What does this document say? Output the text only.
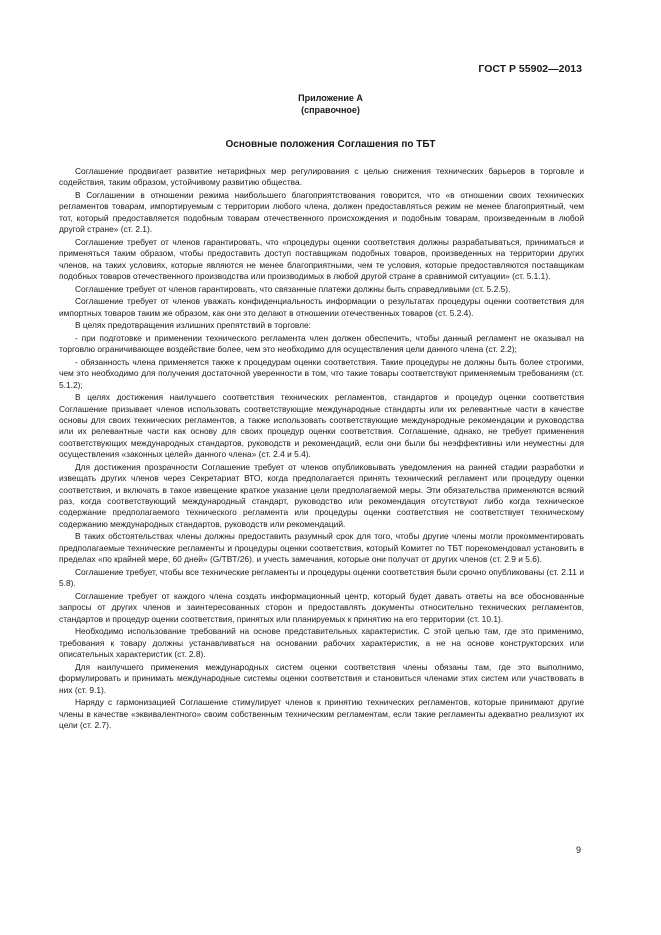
ГОСТ Р 55902—2013
Приложение А
(справочное)
Основные положения Соглашения по ТБТ

Соглашение продвигает развитие нетарифных мер регулирования с целью снижения технических барьеров в торговле и содействия, таким образом, устойчивому развитию общества.

В Соглашении в отношении режима наибольшего благоприятствования говорится, что «в отношении своих технических регламентов товарам, импортируемым с территории любого члена, должен предоставляться режим не менее благоприятный, чем тот, который предоставляется подобным товарам отечественного происхождения и подобным товарам, произведенным в любой другой стране» (ст. 2.1).

Соглашение требует от членов гарантировать, что «процедуры оценки соответствия должны разрабатываться, приниматься и применяться таким образом, чтобы предоставить доступ поставщикам подобных товаров, произведенных на территории других членов, на таких условиях, которые являются не менее благоприятными, чем те условия, которые предоставляются поставщикам подобных товаров отечественного производства или производимых в любой другой стране в сравнимой ситуации» (ст. 5.1.1).

Соглашение требует от членов гарантировать, что связанные платежи должны быть справедливыми (ст. 5.2.5).

Соглашение требует от членов уважать конфиденциальность информации о результатах процедуры оценки соответствия для импортных товаров таким же образом, как они это делают в отношении отечественных товаров (ст. 5.2.4).

В целях предотвращения излишних препятствий в торговле:

- при подготовке и применении технического регламента член должен обеспечить, чтобы данный регламент не оказывал на торговлю ограничивающее воздействие более, чем это необходимо для осуществления цели данного члена (ст. 2.2);

- обязанность члена применяется также к процедурам оценки соответствия. Такие процедуры не должны быть более строгими, чем это необходимо для получения достаточной уверенности в том, что такие товары соответствуют применяемым требованиям (ст. 5.1.2);

В целях достижения наилучшего соответствия технических регламентов, стандартов и процедур оценки соответствия Соглашение призывает членов использовать соответствующие международные стандарты или их релевантные части в качестве основы для своих технических регламентов, а также использовать соответствующие международные рекомендации и руководства или их релевантные части как основу для своих процедур оценки соответствия. Соглашение, однако, не требует применения соответствующих международных стандартов, руководств и рекомендаций, если они были бы неэффективны или неуместны для осуществления «законных целей» данного члена» (ст. 2.4 и 5.4).

Для достижения прозрачности Соглашение требует от членов опубликовывать уведомления на ранней стадии разработки и извещать других членов через Секретариат ВТО, когда предполагается принять технический регламент или процедуру оценки соответствия, и включать в такое извещение краткое указание цели предполагаемой меры. Эти обязательства применяются всякий раз, когда соответствующий международный стандарт, руководство или рекомендация отсутствуют либо когда техническое содержание предполагаемого технического регламента или процедуры оценки соответствия не соответствует техническому содержанию международных стандартов, руководств или рекомендаций.

В таких обстоятельствах члены должны предоставить разумный срок для того, чтобы другие члены могли прокомментировать предполагаемые технические регламенты и процедуры оценки соответствия, который Комитет по ТБТ порекомендовал установить в пределах «по крайней мере, 60 дней» (G/TBT/26). и учесть замечания, которые они получат от других членов (ст. 2.9 и 5.6).

Соглашение требует, чтобы все технические регламенты и процедуры оценки соответствия были срочно опубликованы (ст. 2.11 и 5.8).

Соглашение требует от каждого члена создать информационный центр, который будет давать ответы на все обоснованные запросы от других членов и заинтересованных сторон и предоставлять документы относительно технических регламентов, стандартов и процедур оценки соответствия, принятых или планируемых к принятию на его территории (ст. 10.1).

Необходимо использование требований на основе представительных характеристик. С этой целью там, где это применимо, требования к товару должны устанавливаться на основании рабочих характеристик, а не на основе конструкторских или описательных характеристик (ст. 2.8).

Для наилучшего применения международных систем оценки соответствия члены обязаны там, где это выполнимо, формулировать и принимать международные системы оценки соответствия и становиться членами этих систем или участвовать в них (ст. 9.1).

Наряду с гармонизацией Соглашение стимулирует членов к принятию технических регламентов, которые принимают другие члены в качестве «эквивалентного» своим собственным техническим регламентам, если такие регламенты адекватно реализуют их цели (ст. 2.7).

9
